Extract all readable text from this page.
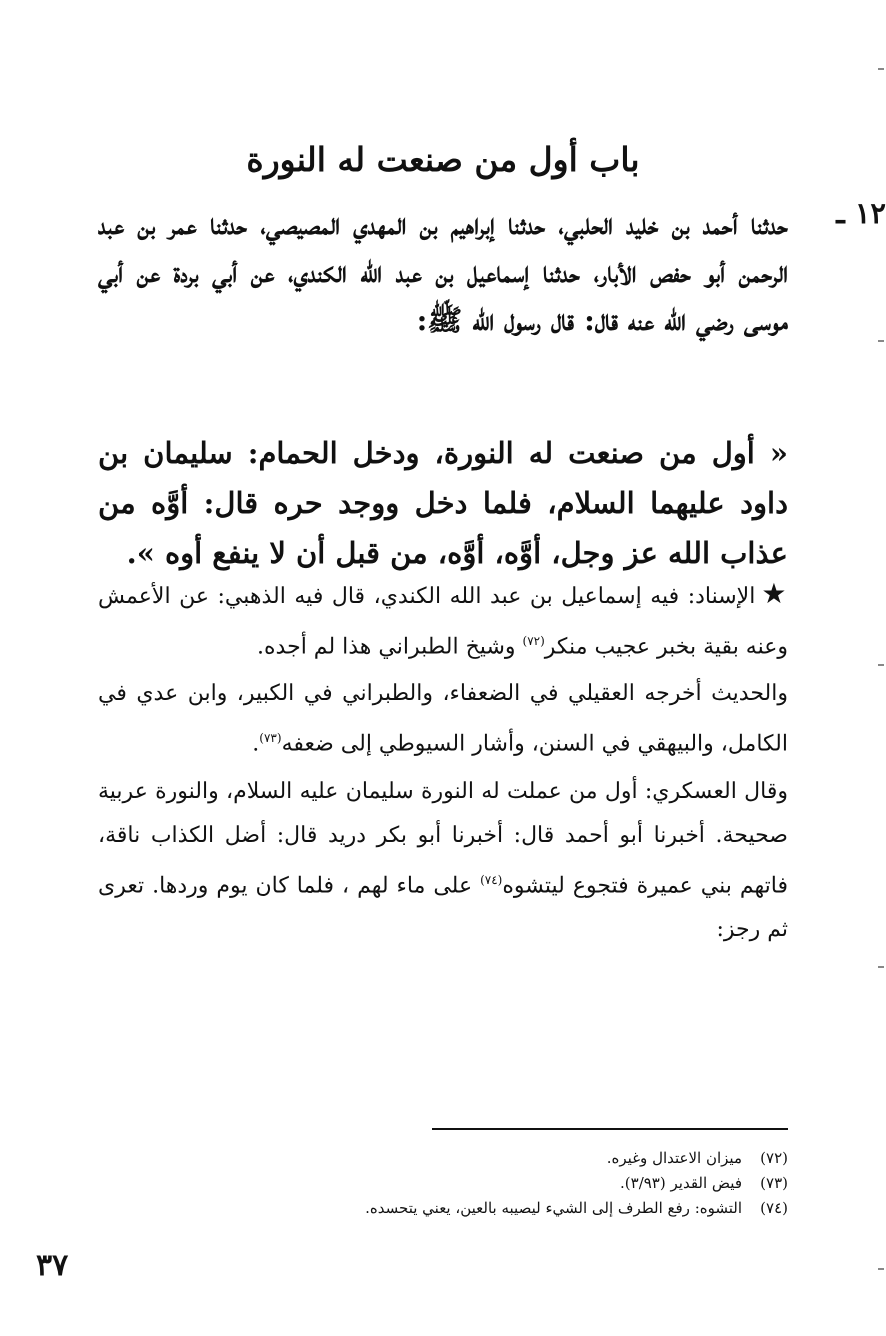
باب أول من صنعت له النورة
١٢ ـ
حدثنا أحمد بن خليد الحلبي، حدثنا إبراهيم بن المهدي المصيصي، حدثنا عمر بن عبد الرحمن أبو حفص الأبار، حدثنا إسماعيل بن عبد الله الكندي، عن أبي بردة عن أبي موسى رضي الله عنه قال: قال رسول الله ﷺ:
« أول من صنعت له النورة، ودخل الحمام: سليمان بن داود عليهما السلام، فلما دخل ووجد حره قال: أوَّه من عذاب الله عز وجل، أوَّه، أوَّه، من قبل أن لا ينفع أوه ».
★الإسناد: فيه إسماعيل بن عبد الله الكندي، قال فيه الذهبي: عن الأعمش وعنه بقية بخبر عجيب منكر$^{(٧٢)}$ وشيخ الطبراني هذا لم أجده.
والحديث أخرجه العقيلي في الضعفاء، والطبراني في الكبير، وابن عدي في الكامل، والبيهقي في السنن، وأشار السيوطي إلى ضعفه$^{(٧٣)}$.
وقال العسكري: أول من عملت له النورة سليمان عليه السلام، والنورة عربية صحيحة. أخبرنا أبو أحمد قال: أخبرنا أبو بكر دريد قال: أضل الكذاب ناقة، فاتهم بني عميرة فتجوع ليتشوه$^{(٧٤)}$ على ماء لهم ، فلما كان يوم وردها. تعرى ثم رجز:
(٧٢)ميزان الاعتدال وغيره.
(٧٣)فيض القدير (٣/٩٣).
(٧٤)التشوه: رفع الطرف إلى الشيء ليصيبه بالعين، يعني يتحسده.
٣٧
